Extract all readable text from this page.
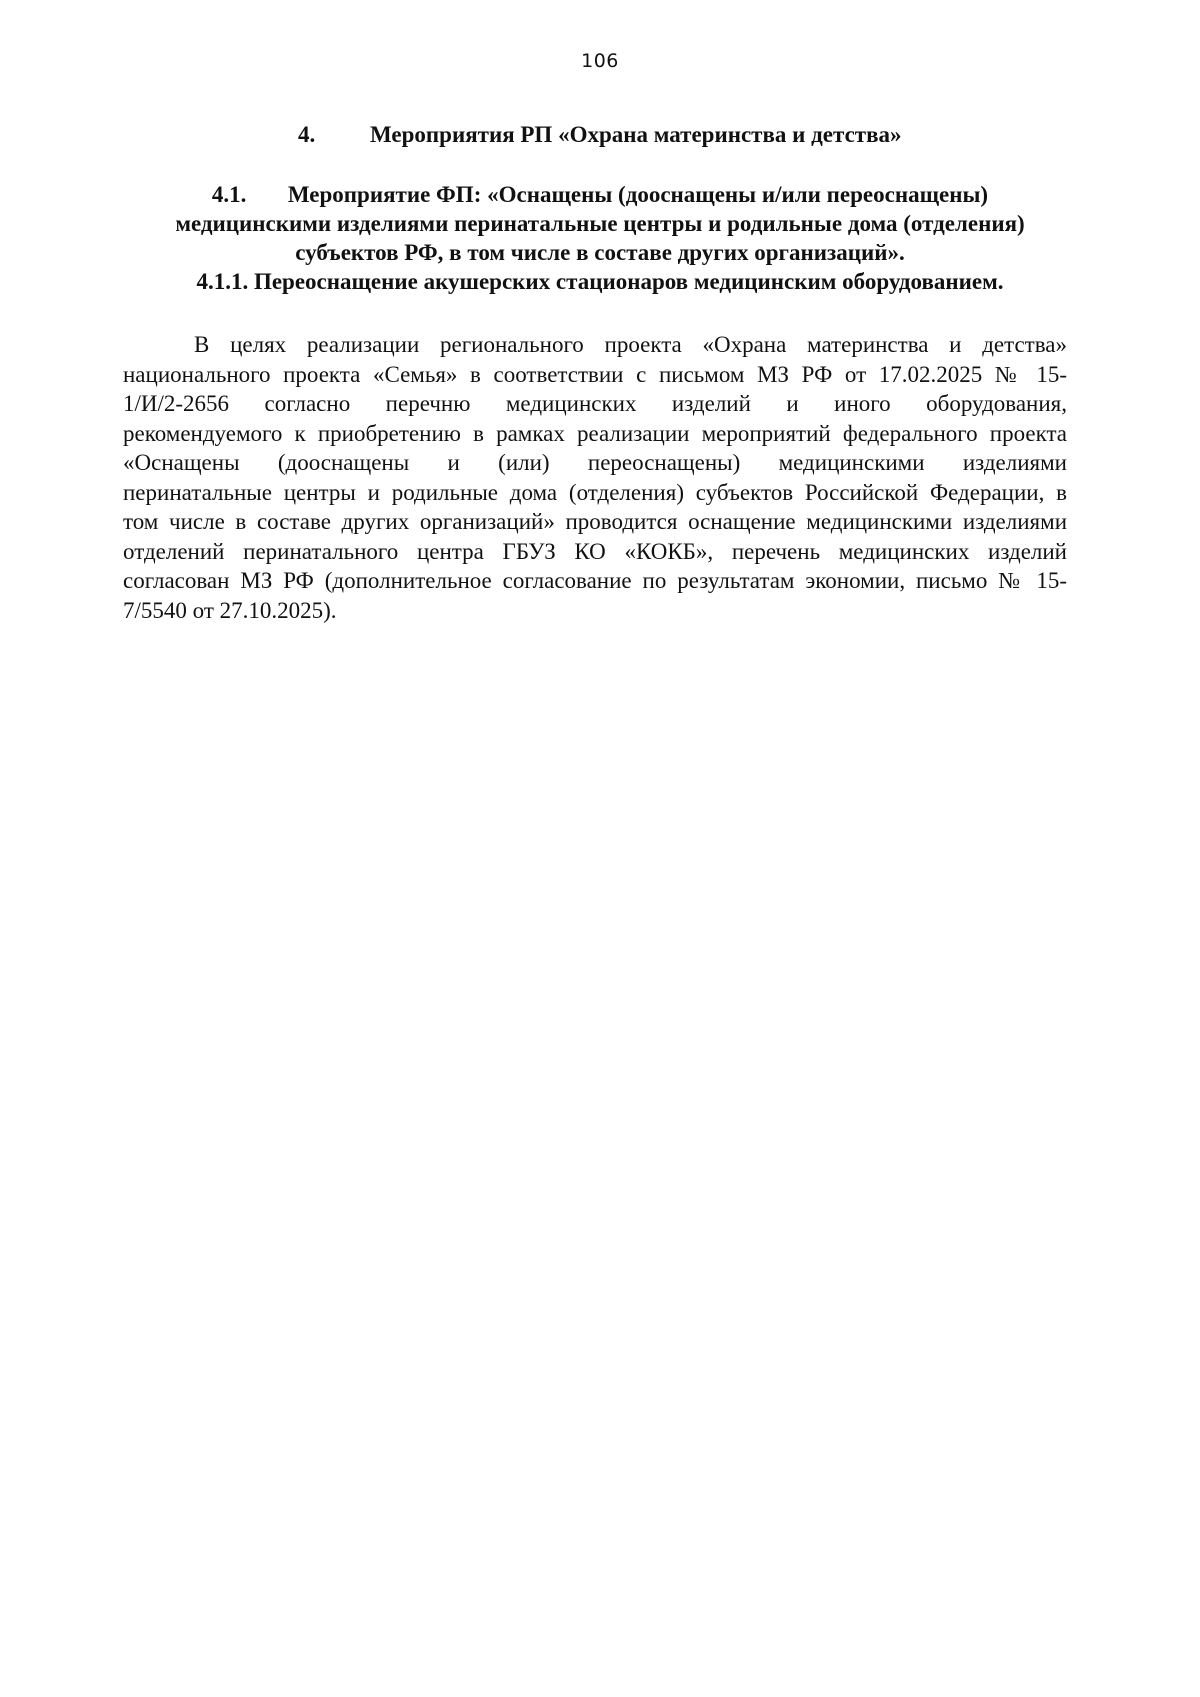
106
4. Мероприятия РП «Охрана материнства и детства»
4.1. Мероприятие ФП: «Оснащены (дооснащены и/или переоснащены)
медицинскими изделиями перинатальные центры и родильные дома (отделения)
субъектов РФ, в том числе в составе других организаций».
4.1.1. Переоснащение акушерских стационаров медицинским оборудованием.
В целях реализации регионального проекта «Охрана материнства и детства»
национального проекта «Семья» в соответствии с письмом МЗ РФ от 17.02.2025 № 15-
1/И/2-2656 согласно перечню медицинских изделий и иного оборудования,
рекомендуемого к приобретению в рамках реализации мероприятий федерального проекта
«Оснащены (дооснащены и (или) переоснащены) медицинскими изделиями
перинатальные центры и родильные дома (отделения) субъектов Российской Федерации, в
том числе в составе других организаций» проводится оснащение медицинскими изделиями
отделений перинатального центра ГБУЗ КО «КОКБ», перечень медицинских изделий
согласован МЗ РФ (дополнительное согласование по результатам экономии, письмо № 15-
7/5540 от 27.10.2025).
